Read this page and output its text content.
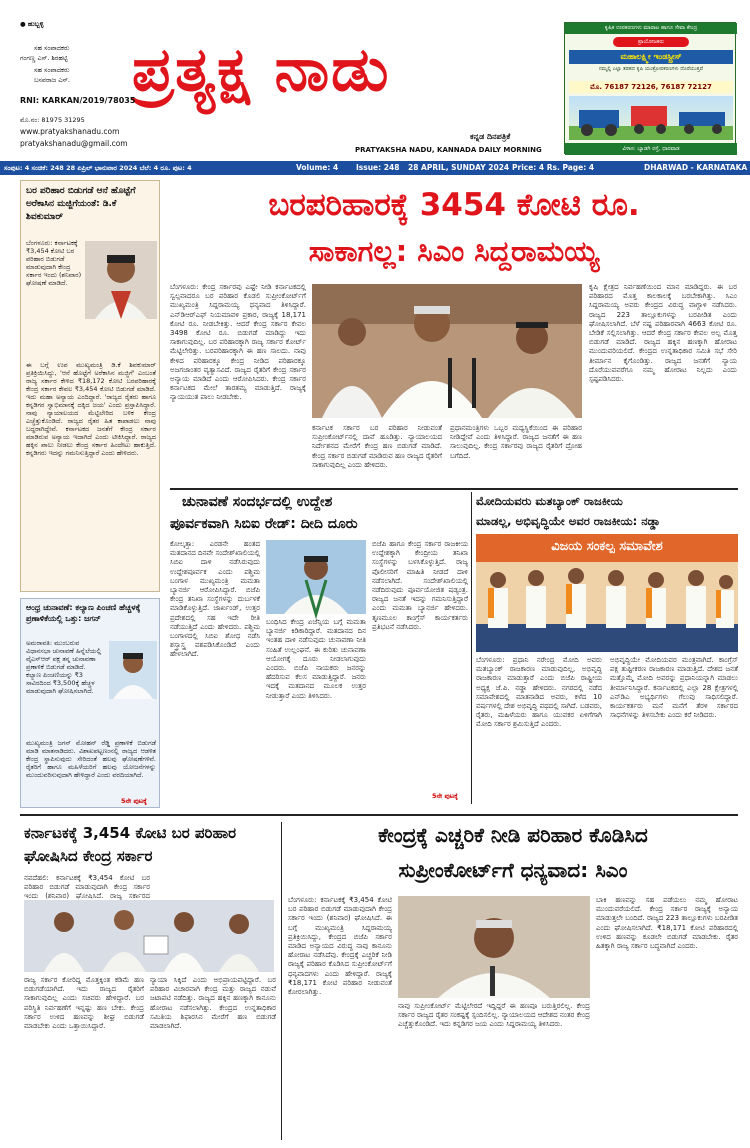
● ಹುಬ್ಬಳ್ಳಿ
ಸಹ ಸಂಪಾದಕರು
ಗಂಗಣ್ಣ ಎಸ್. ಶಿರಹಟ್ಟಿ
ಸಹ ಸಂಪಾದಕರು
ಬಸವರಾಜ ಎಸ್. ಪ್ರತ್ಯಕ್ಷ ನಾಡು
RNI: KARKAN/2019/78035
ಮೊ.ನಂ: 81975 31295
www.pratyakshanadu.com
pratyakshanadu@gmail.com
ಕನ್ನಡ ದಿನಪತ್ರಿಕೆ
PRATYAKSHA NADU, KANNADA DAILY MORNING
ಕೃಷಿಕ ಉಪಕರಣಗಳು ಮಾರಾಟ ಹಾಗೂ ಸೇವಾ ಕೇಂದ್ರ
ಪ್ರಾಯೋಜಕರು
ಮಹಾಲಕ್ಷ್ಮೀ ಇಂಡಸ್ಟ್ರೀಸ್
ನಮ್ಮಲ್ಲಿ ಎಲ್ಲಾ ತರಹದ ಕೃಷಿ ಯಂತ್ರೋಪಕರಣಗಳು ದೊರೆಯುತ್ತವೆ
ಮೊ. 76187 72126, 76187 72127
ವಿಳಾಸ: ಬ್ಯಾಡಗಿ ರಸ್ತೆ, ಧಾರವಾಡ
ಸಂಪುಟ: 4 ಸಂಚಿಕೆ: 248 28 ಏಪ್ರಿಲ್ ಭಾನುವಾರ 2024 ಬೆಲೆ: 4 ರೂ. ಪುಟ: 4	Volume: 4 Issue: 248 28 APRIL, SUNDAY 2024 Price: 4 Rs. Page: 4	DHARWAD - KARNATAKA
ಬರ ಪರಿಹಾರ ಬಿಡುಗಡೆ ಆನೆ ಹೊಟ್ಟೆಗೆ ಅರೆಕಾಸಿನ ಮಜ್ಜಿಗೆಯಂತೆ: ಡಿ.ಕೆ ಶಿವಕುಮಾರ್
ಬೆಂಗಳೂರು: ಕರ್ನಾಟಕಕ್ಕೆ ₹3,454 ಕೋಟಿ ಬರ ಪರಿಹಾರ ಬಿಡುಗಡೆ ಮಾಡುವುದಾಗಿ ಕೇಂದ್ರ ಸರ್ಕಾರ ಇಂದು (ಶನಿವಾರ) ಘೋಷಣೆ ಮಾಡಿದೆ.
ಈ ಬಗ್ಗೆ ಉಪ ಮುಖ್ಯಮಂತ್ರಿ ಡಿ.ಕೆ ಶಿವಕುಮಾರ್ ಪ್ರತಿಕ್ರಿಯಿಸಿದ್ದು, 'ಆನೆ ಹೊಟ್ಟೆಗೆ ಅರೆಕಾಸಿನ ಮಜ್ಜಿಗೆ' ಎಂಬಂತೆ ರಾಜ್ಯ ಸರ್ಕಾರ ಕೇಳಿದ ₹18,172 ಕೋಟಿ ಬರಪರಿಹಾರಕ್ಕೆ ಕೇಂದ್ರ ಸರ್ಕಾರ ಕೇವಲ ₹3,454 ಕೋಟಿ ಬಿಡುಗಡೆ ಮಾಡಿದೆ. ಇದು ಮಹಾ ಅನ್ಯಾಯ ಎಂದಿದ್ದಾರೆ. 'ರಾಜ್ಯದ ರೈತರು ಹಾಗೂ ಕನ್ನಡಿಗರ ಸ್ವಾಭಿಮಾನಕ್ಕೆ ದಕ್ಕಿದ ಜಯ' ಎಂದು ಪ್ರಸ್ತಾಪಿಸಿದ್ದಾರೆ. ನಾವು ನ್ಯಾಯಾಲಯದ ಮೆಟ್ಟಿಲೇರಿದ ಬಳಿಕ ಕೇಂದ್ರ ಎಚ್ಚೆತ್ತುಕೊಂಡಿದೆ. ರಾಜ್ಯದ ರೈತರ ಹಿತ ಕಾಪಾಡಲು ನಾವು ಬದ್ಧರಾಗಿದ್ದೇವೆ. ಕರ್ನಾಟಕದ ಜನತೆಗೆ ಕೇಂದ್ರ ಸರ್ಕಾರ ಮಾಡಿರುವ ಅನ್ಯಾಯ ಇದಾಗಿದೆ ಎಂದು ಟೀಕಿಸಿದ್ದಾರೆ. ರಾಜ್ಯದ ಹಕ್ಕಿನ ಪಾಲು ನೀಡಲು ಕೇಂದ್ರ ಸರ್ಕಾರ ಹಿಂದೇಟು ಹಾಕುತ್ತಿದೆ. ಕನ್ನಡಿಗರು ಇದನ್ನು ಗಮನಿಸುತ್ತಿದ್ದಾರೆ ಎಂದು ಹೇಳಿದರು.
ಆಂಧ್ರ ಚುನಾವಣೆ: ಕಲ್ಯಾಣ ಪಿಂಚಣಿ ಹೆಚ್ಚಳಕ್ಕೆ ಪ್ರಣಾಳಿಕೆಯಲ್ಲಿ ಒತ್ತು: ಜಗನ್
ಅಮರಾವತಿ: ಮುಂಬರುವ ವಿಧಾನಸಭಾ ಚುನಾವಣೆ ಹಿನ್ನೆಲೆಯಲ್ಲಿ ವೈಎಸ್‌ಆರ್ ಪಕ್ಷ ತನ್ನ ಚುನಾವಣಾ ಪ್ರಣಾಳಿಕೆ ಬಿಡುಗಡೆ ಮಾಡಿದೆ. ಕಲ್ಯಾಣ ಪಿಂಚಣಿಯನ್ನು ₹3 ಸಾವಿರದಿಂದ ₹3,500ಕ್ಕೆ ಹೆಚ್ಚಳ ಮಾಡುವುದಾಗಿ ಘೋಷಿಸಲಾಗಿದೆ.
ಮುಖ್ಯಮಂತ್ರಿ ಜಗನ್ ಮೋಹನ್ ರೆಡ್ಡಿ ಪ್ರಣಾಳಿಕೆ ಬಿಡುಗಡೆ ಮಾಡಿ ಮಾತನಾಡಿದರು. ವಿಶಾಖಪಟ್ಟಣಂನಲ್ಲಿ ರಾಜ್ಯದ ಆಡಳಿತ ಕೇಂದ್ರ ಸ್ಥಾಪಿಸುವುದು ಸೇರಿದಂತೆ ಹಲವು ಘೋಷಣೆಗಳಿವೆ. ರೈತರಿಗೆ ಹಾಗೂ ಮಹಿಳೆಯರಿಗೆ ಹಲವು ಯೋಜನೆಗಳನ್ನು ಮುಂದುವರಿಸುವುದಾಗಿ ಹೇಳಿದ್ದಾರೆ ಎಂದು ವರದಿಯಾಗಿದೆ.
5ನೇ ಪುಟಕ್ಕೆ
ಬರಪರಿಹಾರಕ್ಕೆ 3454 ಕೋಟಿ ರೂ.
ಸಾಕಾಗಲ್ಲ: ಸಿಎಂ ಸಿದ್ದರಾಮಯ್ಯ
ಬೆಂಗಳೂರು: ಕೇಂದ್ರ ಸರ್ಕಾರವು ಎಷ್ಟೇ ನೀಡಿ ಕರ್ನಾಟಕದಲ್ಲಿ ಸ್ವಲ್ಪವಾದರೂ ಬರ ಪರಿಹಾರ ಕೊಡಲಿ ಸುಪ್ರೀಂಕೋರ್ಟ್‌ಗೆ ಮುಖ್ಯಮಂತ್ರಿ ಸಿದ್ದರಾಮಯ್ಯ ಧನ್ಯವಾದ ತಿಳಿಸಿದ್ದಾರೆ. ಎನ್‌ಡಿಆರ್‌ಎಫ್ ನಿಯಮಾವಳಿ ಪ್ರಕಾರ, ರಾಜ್ಯಕ್ಕೆ 18,171 ಕೋಟಿ ರೂ. ನೀಡಬೇಕಿತ್ತು. ಆದರೆ ಕೇಂದ್ರ ಸರ್ಕಾರ ಕೇವಲ 3498 ಕೋಟಿ ರೂ. ಬಿಡುಗಡೆ ಮಾಡಿದ್ದು ಇದು ಸಾಕಾಗುವುದಿಲ್ಲ. ಬರ ಪರಿಹಾರಕ್ಕಾಗಿ ರಾಜ್ಯ ಸರ್ಕಾರ ಕೋರ್ಟ್ ಮೆಟ್ಟಿಲೇರಿತ್ತು. ಬರಪರಿಹಾರಕ್ಕಾಗಿ ಈ ಹಣ ಸಾಲದು. ನಾವು ಕೇಳಿದ ಪರಿಹಾರಕ್ಕೂ ಕೇಂದ್ರ ನೀಡಿದ ಪರಿಹಾರಕ್ಕೂ ಅಜಗಜಾಂತರ ವ್ಯತ್ಯಾಸವಿದೆ. ರಾಜ್ಯದ ರೈತರಿಗೆ ಕೇಂದ್ರ ಸರ್ಕಾರ ಅನ್ಯಾಯ ಮಾಡಿದೆ ಎಂದು ಆರೋಪಿಸಿದರು. ಕೇಂದ್ರ ಸರ್ಕಾರ ಕರ್ನಾಟಕದ ಮೇಲೆ ತಾರತಮ್ಯ ಮಾಡುತ್ತಿದೆ. ರಾಜ್ಯಕ್ಕೆ ನ್ಯಾಯಯುತ ಪಾಲು ನೀಡಬೇಕು.
ಕರ್ನಾಟಕ ಸರ್ಕಾರ ಬರ ಪರಿಹಾರ ನೀಡುವಂತೆ ಸುಪ್ರೀಂಕೋರ್ಟ್‌ನಲ್ಲಿ ದಾವೆ ಹೂಡಿತ್ತು. ನ್ಯಾಯಾಲಯದ ನಿರ್ದೇಶನದ ಮೇರೆಗೆ ಕೇಂದ್ರ ಹಣ ಬಿಡುಗಡೆ ಮಾಡಿದೆ. ಕೇಂದ್ರ ಸರ್ಕಾರ ಬಿಡುಗಡೆ ಮಾಡಿರುವ ಹಣ ರಾಜ್ಯದ ರೈತರಿಗೆ ಸಾಕಾಗುವುದಿಲ್ಲ ಎಂದು ಹೇಳಿದರು.
ಪ್ರಧಾನಮಂತ್ರಿಗಳು ಒಬ್ಬರ ಮಧ್ಯಸ್ಥಿಕೆಯಿಂದ ಈ ಪರಿಹಾರ ನೀಡಿದ್ದೇವೆ ಎಂದು ತಿಳಿಸಿದ್ದಾರೆ. ರಾಜ್ಯದ ಜನತೆಗೆ ಈ ಹಣ ಸಾಲುವುದಿಲ್ಲ. ಕೇಂದ್ರ ಸರ್ಕಾರವು ರಾಜ್ಯದ ರೈತರಿಗೆ ದ್ರೋಹ ಬಗೆದಿದೆ.
ಕೃಷಿ ಕ್ಷೇತ್ರದ ನಿರ್ವಹಣೆಯಿಂದ ಮಾನ ಮಾಡಿದ್ದರು. ಈ ಬರ ಪರಿಹಾರದ ಮೊತ್ತ ಕಾಲಕಾಲಕ್ಕೆ ಬರಬೇಕಾಗಿತ್ತು. ಸಿಎಂ ಸಿದ್ದರಾಮಯ್ಯ ಅವರು ಕೇಂದ್ರದ ವಿರುದ್ಧ ವಾಗ್ದಾಳಿ ನಡೆಸಿದರು. ರಾಜ್ಯದ 223 ತಾಲ್ಲೂಕುಗಳನ್ನು ಬರಪೀಡಿತ ಎಂದು ಘೋಷಿಸಲಾಗಿದೆ. ಬೆಳೆ ನಷ್ಟ ಪರಿಹಾರವಾಗಿ 4663 ಕೋಟಿ ರೂ. ಬೇಡಿಕೆ ಸಲ್ಲಿಸಲಾಗಿತ್ತು. ಆದರೆ ಕೇಂದ್ರ ಸರ್ಕಾರ ಕೇವಲ ಅಲ್ಪ ಮೊತ್ತ ಬಿಡುಗಡೆ ಮಾಡಿದೆ. ರಾಜ್ಯದ ಹಕ್ಕಿನ ಹಣಕ್ಕಾಗಿ ಹೋರಾಟ ಮುಂದುವರಿಯಲಿದೆ. ಕೇಂದ್ರದ ಉನ್ನತಾಧಿಕಾರ ಸಮಿತಿ ಸಭೆ ಸೇರಿ ತೀರ್ಮಾನ ಕೈಗೊಂಡಿತ್ತು. ರಾಜ್ಯದ ಜನತೆಗೆ ನ್ಯಾಯ ದೊರೆಯುವವರೆಗೂ ನಮ್ಮ ಹೋರಾಟ ನಿಲ್ಲದು ಎಂದು ಸ್ಪಷ್ಟಪಡಿಸಿದರು.
ಚುನಾವಣೆ ಸಂದರ್ಭದಲ್ಲಿ ಉದ್ದೇಶ
ಪೂರ್ವಕವಾಗಿ ಸಿಬಿಐ ರೇಡ್: ದೀದಿ ದೂರು
ಕೋಲ್ಕತ್ತಾ: ಎರಡನೇ ಹಂತದ ಮತದಾನದ ದಿನವೇ ಸಂದೇಶ್‌ಖಾಲಿಯಲ್ಲಿ ಸಿಬಿಐ ದಾಳಿ ನಡೆಸಿರುವುದು ಉದ್ದೇಶಪೂರ್ವಕ ಎಂದು ಪಶ್ಚಿಮ ಬಂಗಾಳ ಮುಖ್ಯಮಂತ್ರಿ ಮಮತಾ ಬ್ಯಾನರ್ಜಿ ಆರೋಪಿಸಿದ್ದಾರೆ. ಬಿಜೆಪಿ ಕೇಂದ್ರ ತನಿಖಾ ಸಂಸ್ಥೆಗಳನ್ನು ದುರ್ಬಳಕೆ ಮಾಡಿಕೊಳ್ಳುತ್ತಿದೆ. ಜಾರ್ಖಂಡ್, ಉತ್ತರ ಪ್ರದೇಶದಲ್ಲಿ ಸಹ ಇದೇ ರೀತಿ ನಡೆಯುತ್ತಿದೆ ಎಂದು ಹೇಳಿದರು. ಪಶ್ಚಿಮ ಬಂಗಾಳದಲ್ಲಿ ಸಿಬಿಐ ಶೋಧ ನಡೆಸಿ ಶಸ್ತ್ರಾಸ್ತ್ರ ವಶಪಡಿಸಿಕೊಂಡಿದೆ ಎಂದು ಹೇಳಲಾಗಿದೆ.
ಬಂಧಿಸಿದ ಕೇಂದ್ರ ಏಜೆನ್ಸಿಯ ಬಗ್ಗೆ ಮಮತಾ ಬ್ಯಾನರ್ಜಿ ಕಿಡಿಕಾರಿದ್ದಾರೆ. ಮತದಾನದ ದಿನ ಇಂತಹ ದಾಳಿ ನಡೆಸುವುದು ಚುನಾವಣಾ ನೀತಿ ಸಂಹಿತೆ ಉಲ್ಲಂಘನೆ. ಈ ಕುರಿತು ಚುನಾವಣಾ ಆಯೋಗಕ್ಕೆ ದೂರು ನೀಡಲಾಗುವುದು ಎಂದರು. ಬಿಜೆಪಿ ನಾಯಕರು ಜನರನ್ನು ಹೆದರಿಸುವ ಕೆಲಸ ಮಾಡುತ್ತಿದ್ದಾರೆ. ಜನರು ಇದಕ್ಕೆ ಮತದಾನದ ಮೂಲಕ ಉತ್ತರ ನೀಡುತ್ತಾರೆ ಎಂದು ತಿಳಿಸಿದರು.
ಬಿಜೆಪಿ ಹಾಗೂ ಕೇಂದ್ರ ಸರ್ಕಾರ ರಾಜಕೀಯ ಉದ್ದೇಶಕ್ಕಾಗಿ ಕೇಂದ್ರೀಯ ತನಿಖಾ ಸಂಸ್ಥೆಗಳನ್ನು ಬಳಸಿಕೊಳ್ಳುತ್ತಿದೆ. ರಾಜ್ಯ ಪೊಲೀಸರಿಗೆ ಮಾಹಿತಿ ನೀಡದೆ ದಾಳಿ ನಡೆಸಲಾಗಿದೆ. ಸಂದೇಶ್‌ಖಾಲಿಯಲ್ಲಿ ನಡೆದಿರುವುದು ಪೂರ್ವಯೋಜಿತ ಷಡ್ಯಂತ್ರ. ರಾಜ್ಯದ ಜನತೆ ಇದನ್ನು ಗಮನಿಸುತ್ತಿದ್ದಾರೆ ಎಂದು ಮಮತಾ ಬ್ಯಾನರ್ಜಿ ಹೇಳಿದರು. ತೃಣಮೂಲ ಕಾಂಗ್ರೆಸ್ ಕಾರ್ಯಕರ್ತರು ಪ್ರತಿಭಟನೆ ನಡೆಸಿದರು.
5ನೇ ಪುಟಕ್ಕೆ
ಮೋದಿಯವರು ಮತಬ್ಯಾಂಕ್ ರಾಜಕೀಯ
ಮಾಡಲ್ಲ, ಅಭಿವೃದ್ಧಿಯೇ ಅವರ ರಾಜಕೀಯ: ನಡ್ಡಾ
ವಿಜಯ ಸಂಕಲ್ಪ ಸಮಾವೇಶ
ಬೆಂಗಳೂರು: ಪ್ರಧಾನಿ ನರೇಂದ್ರ ಮೋದಿ ಅವರು ಮತಬ್ಯಾಂಕ್ ರಾಜಕಾರಣ ಮಾಡುವುದಿಲ್ಲ, ಅಭಿವೃದ್ಧಿ ರಾಜಕಾರಣ ಮಾಡುತ್ತಾರೆ ಎಂದು ಬಿಜೆಪಿ ರಾಷ್ಟ್ರೀಯ ಅಧ್ಯಕ್ಷ ಜೆ.ಪಿ. ನಡ್ಡಾ ಹೇಳಿದರು. ನಗರದಲ್ಲಿ ನಡೆದ ಸಮಾವೇಶದಲ್ಲಿ ಮಾತನಾಡಿದ ಅವರು, ಕಳೆದ 10 ವರ್ಷಗಳಲ್ಲಿ ದೇಶ ಅಭಿವೃದ್ಧಿ ಪಥದಲ್ಲಿ ಸಾಗಿದೆ. ಬಡವರು, ರೈತರು, ಮಹಿಳೆಯರು ಹಾಗೂ ಯುವಕರ ಏಳಿಗೆಗಾಗಿ ಮೋದಿ ಸರ್ಕಾರ ಶ್ರಮಿಸುತ್ತಿದೆ ಎಂದರು.
ಅಭಿವೃದ್ಧಿಯೇ ಮೋದಿಯವರ ಮಂತ್ರವಾಗಿದೆ. ಕಾಂಗ್ರೆಸ್ ಪಕ್ಷ ತುಷ್ಟೀಕರಣ ರಾಜಕಾರಣ ಮಾಡುತ್ತಿದೆ. ದೇಶದ ಜನತೆ ಮತ್ತೊಮ್ಮೆ ಮೋದಿ ಅವರನ್ನು ಪ್ರಧಾನಿಯನ್ನಾಗಿ ಮಾಡಲು ತೀರ್ಮಾನಿಸಿದ್ದಾರೆ. ಕರ್ನಾಟಕದಲ್ಲಿ ಎಲ್ಲಾ 28 ಕ್ಷೇತ್ರಗಳಲ್ಲಿ ಎನ್‌ಡಿಎ ಅಭ್ಯರ್ಥಿಗಳು ಗೆಲುವು ಸಾಧಿಸಲಿದ್ದಾರೆ. ಕಾರ್ಯಕರ್ತರು ಮನೆ ಮನೆಗೆ ತೆರಳಿ ಸರ್ಕಾರದ ಸಾಧನೆಗಳನ್ನು ತಿಳಿಸಬೇಕು ಎಂದು ಕರೆ ನೀಡಿದರು.
ಕರ್ನಾಟಕಕ್ಕೆ 3,454 ಕೋಟಿ ಬರ ಪರಿಹಾರ ಘೋಷಿಸಿದ ಕೇಂದ್ರ ಸರ್ಕಾರ
ನವದೆಹಲಿ: ಕರ್ನಾಟಕಕ್ಕೆ ₹3,454 ಕೋಟಿ ಬರ ಪರಿಹಾರ ಬಿಡುಗಡೆ ಮಾಡುವುದಾಗಿ ಕೇಂದ್ರ ಸರ್ಕಾರ ಇಂದು (ಶನಿವಾರ) ಘೋಷಿಸಿದೆ. ರಾಜ್ಯ ಸರ್ಕಾರದ
ನ್ಯಾಯಾ ಸಿಕ್ಕಿದೆ ಎಂದು ಅಭಿಪ್ರಾಯಪಟ್ಟಿದ್ದಾರೆ. ಬರ ಪರಿಹಾರ ವಿಚಾರವಾಗಿ ಕೇಂದ್ರ ಮತ್ತು ರಾಜ್ಯದ ನಡುವೆ ಜಟಾಪಟಿ ನಡೆದಿತ್ತು. ರಾಜ್ಯದ ಹಕ್ಕಿನ ಹಣಕ್ಕಾಗಿ ಕಾನೂನು ಹೋರಾಟ ನಡೆಸಲಾಗಿತ್ತು. ಕೇಂದ್ರದ ಉನ್ನತಾಧಿಕಾರ ಸಮಿತಿಯ ಶಿಫಾರಸಿನ ಮೇರೆಗೆ ಹಣ ಬಿಡುಗಡೆ ಮಾಡಲಾಗಿದೆ.
ರಾಜ್ಯ ಸರ್ಕಾರ ಕೋರಿದ್ದ ಮೊತ್ತಕ್ಕಿಂತ ಕಡಿಮೆ ಹಣ ಬಿಡುಗಡೆಯಾಗಿದೆ. ಇದು ರಾಜ್ಯದ ರೈತರಿಗೆ ಸಾಕಾಗುವುದಿಲ್ಲ ಎಂದು ಸಚಿವರು ಹೇಳಿದ್ದಾರೆ. ಬರ ಪರಿಸ್ಥಿತಿ ನಿರ್ವಹಣೆಗೆ ಇನ್ನಷ್ಟು ಹಣ ಬೇಕು. ಕೇಂದ್ರ ಸರ್ಕಾರ ಉಳಿದ ಹಣವನ್ನು ಶೀಘ್ರ ಬಿಡುಗಡೆ ಮಾಡಬೇಕು ಎಂದು ಒತ್ತಾಯಿಸಿದ್ದಾರೆ.
ಕೇಂದ್ರಕ್ಕೆ ಎಚ್ಚರಿಕೆ ನೀಡಿ ಪರಿಹಾರ ಕೊಡಿಸಿದ
ಸುಪ್ರೀಂಕೋರ್ಟ್‌ಗೆ ಧನ್ಯವಾದ: ಸಿಎಂ
ಬೆಂಗಳೂರು: ಕರ್ನಾಟಕಕ್ಕೆ ₹3,454 ಕೋಟಿ ಬರ ಪರಿಹಾರ ಬಿಡುಗಡೆ ಮಾಡುವುದಾಗಿ ಕೇಂದ್ರ ಸರ್ಕಾರ ಇಂದು (ಶನಿವಾರ) ಘೋಷಿಸಿದೆ. ಈ ಬಗ್ಗೆ ಮುಖ್ಯಮಂತ್ರಿ ಸಿದ್ದರಾಮಯ್ಯ ಪ್ರತಿಕ್ರಿಯಿಸಿದ್ದು, ಕೇಂದ್ರದ ಬಿಜೆಪಿ ಸರ್ಕಾರ ಮಾಡಿದ ಅನ್ಯಾಯದ ವಿರುದ್ಧ ನಾವು ಕಾನೂನು ಹೋರಾಟ ನಡೆಸಿದೆವು. ಕೇಂದ್ರಕ್ಕೆ ಎಚ್ಚರಿಕೆ ನೀಡಿ ರಾಜ್ಯಕ್ಕೆ ಪರಿಹಾರ ಕೊಡಿಸಿದ ಸುಪ್ರೀಂಕೋರ್ಟ್‌ಗೆ ಧನ್ಯವಾದಗಳು ಎಂದು ಹೇಳಿದ್ದಾರೆ. ರಾಜ್ಯಕ್ಕೆ ₹18,171 ಕೋಟಿ ಪರಿಹಾರ ನೀಡುವಂತೆ ಕೋರಲಾಗಿತ್ತು.
ನಾವು ಸುಪ್ರೀಂಕೋರ್ಟ್ ಮೆಟ್ಟಿಲೇರದೆ ಇದ್ದಿದ್ದರೆ ಈ ಹಣವೂ ಬರುತ್ತಿರಲಿಲ್ಲ. ಕೇಂದ್ರ ಸರ್ಕಾರ ರಾಜ್ಯದ ರೈತರ ಸಂಕಷ್ಟಕ್ಕೆ ಸ್ಪಂದಿಸಲಿಲ್ಲ. ನ್ಯಾಯಾಲಯದ ಆದೇಶದ ನಂತರ ಕೇಂದ್ರ ಎಚ್ಚೆತ್ತುಕೊಂಡಿದೆ. ಇದು ಕನ್ನಡಿಗರ ಜಯ ಎಂದು ಸಿದ್ದರಾಮಯ್ಯ ತಿಳಿಸಿದರು.
ಬಾಕಿ ಹಣವನ್ನು ಸಹ ಪಡೆಯಲು ನಮ್ಮ ಹೋರಾಟ ಮುಂದುವರೆಯಲಿದೆ. ಕೇಂದ್ರ ಸರ್ಕಾರ ರಾಜ್ಯಕ್ಕೆ ಅನ್ಯಾಯ ಮಾಡುತ್ತಲೇ ಬಂದಿದೆ. ರಾಜ್ಯದ 223 ತಾಲ್ಲೂಕುಗಳು ಬರಪೀಡಿತ ಎಂದು ಘೋಷಿಸಲಾಗಿದೆ. ₹18,171 ಕೋಟಿ ಪರಿಹಾರದಲ್ಲಿ ಉಳಿದ ಹಣವನ್ನು ಕೂಡಲೇ ಬಿಡುಗಡೆ ಮಾಡಬೇಕು. ರೈತರ ಹಿತಕ್ಕಾಗಿ ರಾಜ್ಯ ಸರ್ಕಾರ ಬದ್ಧವಾಗಿದೆ ಎಂದರು.
